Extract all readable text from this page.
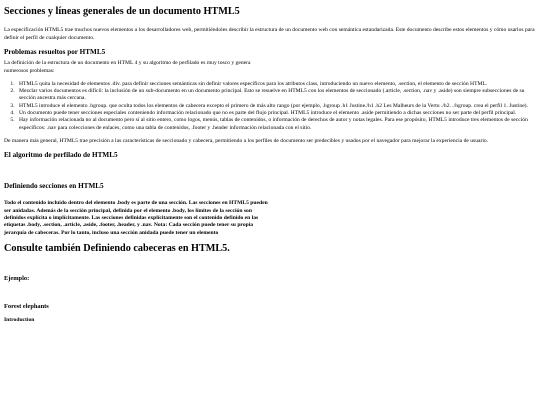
Secciones y líneas generales de un documento HTML5

La especificación HTML5 trae muchos nuevos elementos a los desarrolladores web, permitiéndoles describir la estructura de un documento web con semántica estandarizada. Este documento describe estos elementos y cómo usarlos para definir el perfil de cualquier documento.

Problemas resueltos por HTML5

La definición de la estructura de un documento en HTML 4 y su algoritmo de perfilado es muy tosco y genera numerosos problemas:

1. HTML5 quita la necesidad de elementos .div. para definir secciones semánticas sin definir valores específicos para los atributos class, introduciendo un nuevo elemento, .section, el elemento de sección HTML.
2. Mezclar varios documentos es difícil: la inclusión de un sub-documento en un documento principal. Esto se resuelve en HTML5 con los elementos de seccionado (.article, .section, .nav y .aside) son siempre subsecciones de su sección ancestra más cercana.
3. HTML5 introduce el elemento .hgroup. que oculta todos los elementos de cabecera excepto el primero de más alto rango (por ejemplo, .hgroup .h1 Justine./h1 .h2 Les Malheurs de la Vertu ./h2. ./hgroup. crea el perfil 1. Justine).
4. Un documento puede tener secciones especiales conteniendo información relacionado que no es parte del flujo principal. HTML5 introduce el elemento .aside permitiendo a dichas secciones no ser parte del perfil principal.
5. Hay información relacionada no al documento pero sí al sitio entero, como logos, menús, tablas de contenidos, o información de derechos de autor y notas legales. Para ese propósito, HTML5 introduce tres elementos de sección específicos: .nav para colecciones de enlaces, como una tabla de contenidos, .footer y .header información relacionada con el sitio.

De manera más general, HTML5 trae precisión a las características de seccionado y cabecera, permitiendo a los perfiles de documento ser predecibles y usados por el navegador para mejorar la experiencia de usuario.

El algoritmo de perfilado de HTML5
Definiendo secciones en HTML5
Todo el contenido incluido dentro del elemento .body es parte de una sección. Las secciones en HTML5 pueden ser anidadas. Además de la sección principal, definida por el elemento .body, los límites de la sección son definidos explícita o implícitamente. Las secciones definidas explícitamente son el contenido definido en las etiquetas .body, .section, .article, .aside, .footer, .header, y .nav. Nota: Cada sección puede tener su propia jerarquía de cabeceras. Por lo tanto, incluso una sección anidada puede tener un elemento
Consulte también Definiendo cabeceras en HTML5.
Ejemplo:
Forest elephants
Introduction
